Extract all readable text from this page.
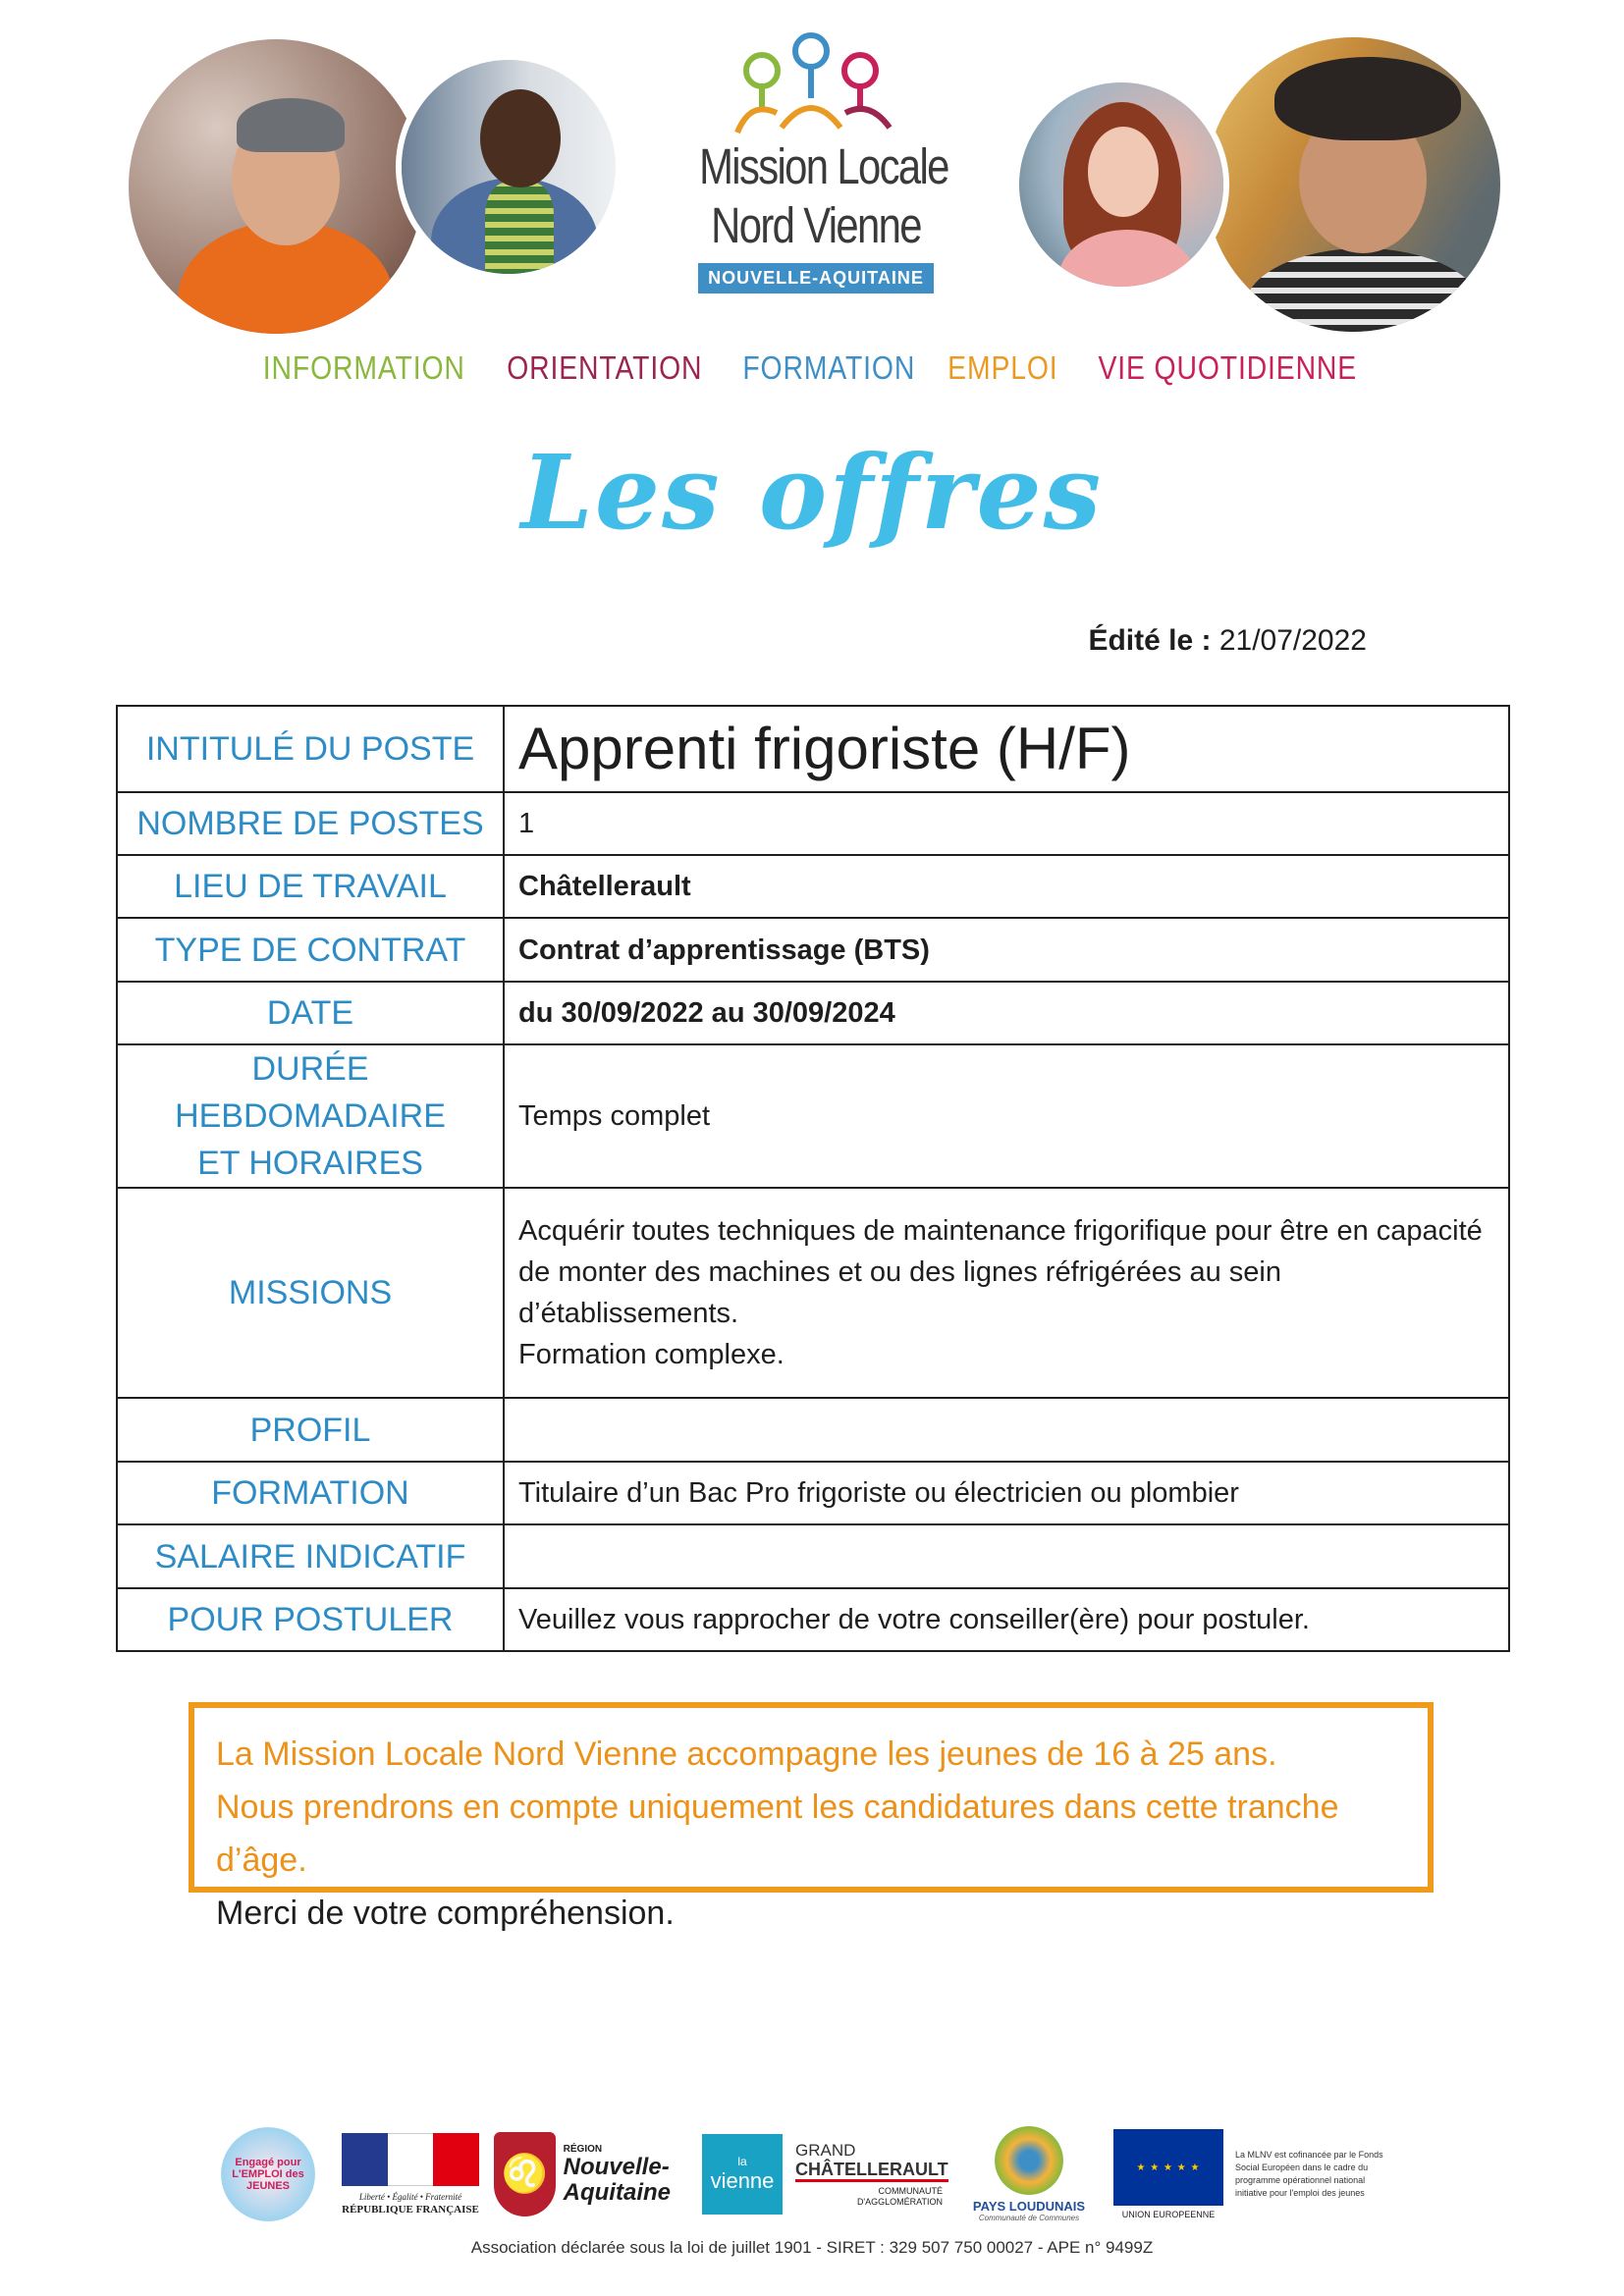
Mission Locale
Nord Vienne
NOUVELLE-AQUITAINE
INFORMATION ORIENTATION FORMATION EMPLOI VIE QUOTIDIENNE
Les offres
Édité le : 21/07/2022
INTITULÉ DU POSTE	Apprenti frigoriste (H/F)
NOMBRE DE POSTES	1
LIEU DE TRAVAIL	Châtellerault
TYPE DE CONTRAT	Contrat d’apprentissage (BTS)
DATE	du 30/09/2022 au 30/09/2024

DURÉE HEBDOMADAIRE
ET HORAIRES	Temps complet
MISSIONS	Acquérir toutes techniques de maintenance frigorifique pour être en capacité
de monter des machines et ou des lignes réfrigérées au sein d’établissements.
Formation complexe.

PROFIL	
FORMATION	Titulaire d’un Bac Pro frigoriste ou électricien ou plombier
SALAIRE INDICATIF	
POUR POSTULER	Veuillez vous rapprocher de votre conseiller(ère) pour postuler.
La Mission Locale Nord Vienne accompagne les jeunes de 16 à 25 ans.
Nous prendrons en compte uniquement les candidatures dans cette tranche d’âge.
Merci de votre compréhension.
Engagé pour L'EMPLOI des JEUNES
Liberté • Égalité • Fraternité
RÉPUBLIQUE FRANÇAISE
♌
RÉGION
Nouvelle-
Aquitaine
la
vienne
GRAND
CHÂTELLERAULT
COMMUNAUTÉ
D'AGGLOMÉRATION PAYS LOUDUNAIS
Communauté de Communes
★ ★ ★ ★ ★
UNION EUROPEENNE
La MLNV est cofinancée par le Fonds Social Européen dans le cadre du programme opérationnel national initiative pour l'emploi des jeunes
Association déclarée sous la loi de juillet 1901 - SIRET : 329 507 750 00027 - APE n° 9499Z
